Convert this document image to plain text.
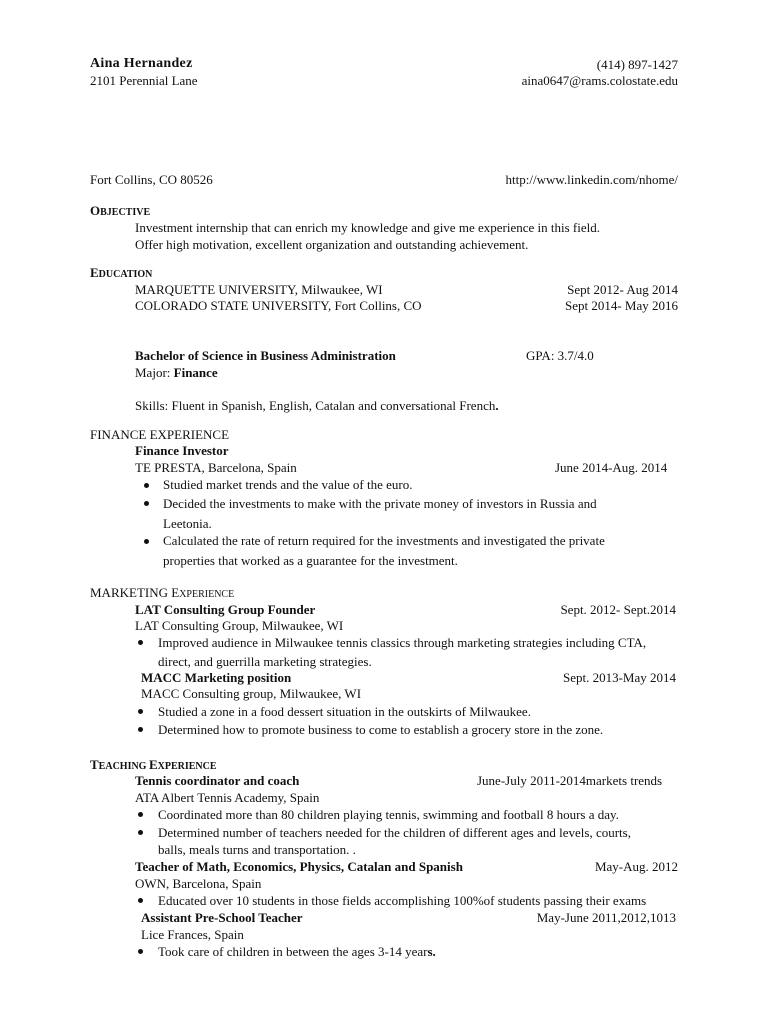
Aina Hernandez	(414) 897-1427
2101 Perennial Lane	aina0647@rams.colostate.edu
Fort Collins, CO 80526	http://www.linkedin.com/nhome/
OBJECTIVE
Investment internship that can enrich my knowledge and give me experience in this field.
Offer high motivation, excellent organization and outstanding achievement.
EDUCATION
MARQUETTE UNIVERSITY, Milwaukee, WI	Sept 2012- Aug 2014
COLORADO STATE UNIVERSITY, Fort Collins, CO	Sept 2014- May 2016
Bachelor of Science in Business Administration	GPA: 3.7/4.0
Major: Finance
Skills: Fluent in Spanish, English, Catalan and conversational French.
FINANCE EXPERIENCE
Finance Investor
TE PRESTA, Barcelona, Spain	June 2014-Aug. 2014
Studied market trends and the value of the euro.
Decided the investments to make with the private money of investors in Russia and
Leetonia.
Calculated the rate of return required for the investments and investigated the private
properties that worked as a guarantee for the investment.
MARKETING EXPERIENCE
LAT Consulting Group Founder	Sept. 2012- Sept.2014
LAT Consulting Group, Milwaukee, WI
Improved audience in Milwaukee tennis classics through marketing strategies including CTA,
direct, and guerrilla marketing strategies.
MACC Marketing position	Sept. 2013-May 2014
MACC Consulting group, Milwaukee, WI
Studied a zone in a food dessert situation in the outskirts of Milwaukee.
Determined how to promote business to come to establish a grocery store in the zone.
TEACHING EXPERIENCE
Tennis coordinator and coach	June-July 2011-2014markets trends
ATA Albert Tennis Academy, Spain
Coordinated more than 80 children playing tennis, swimming and football 8 hours a day.
Determined number of teachers needed for the children of different ages and levels, courts,
balls, meals turns and transportation. .
Teacher of Math, Economics, Physics, Catalan and Spanish	May-Aug. 2012
OWN, Barcelona, Spain
Educated over 10 students in those fields accomplishing 100%of students passing their exams
Assistant Pre-School Teacher	May-June 2011,2012,1013
Lice Frances, Spain
Took care of children in between the ages 3-14 years.
